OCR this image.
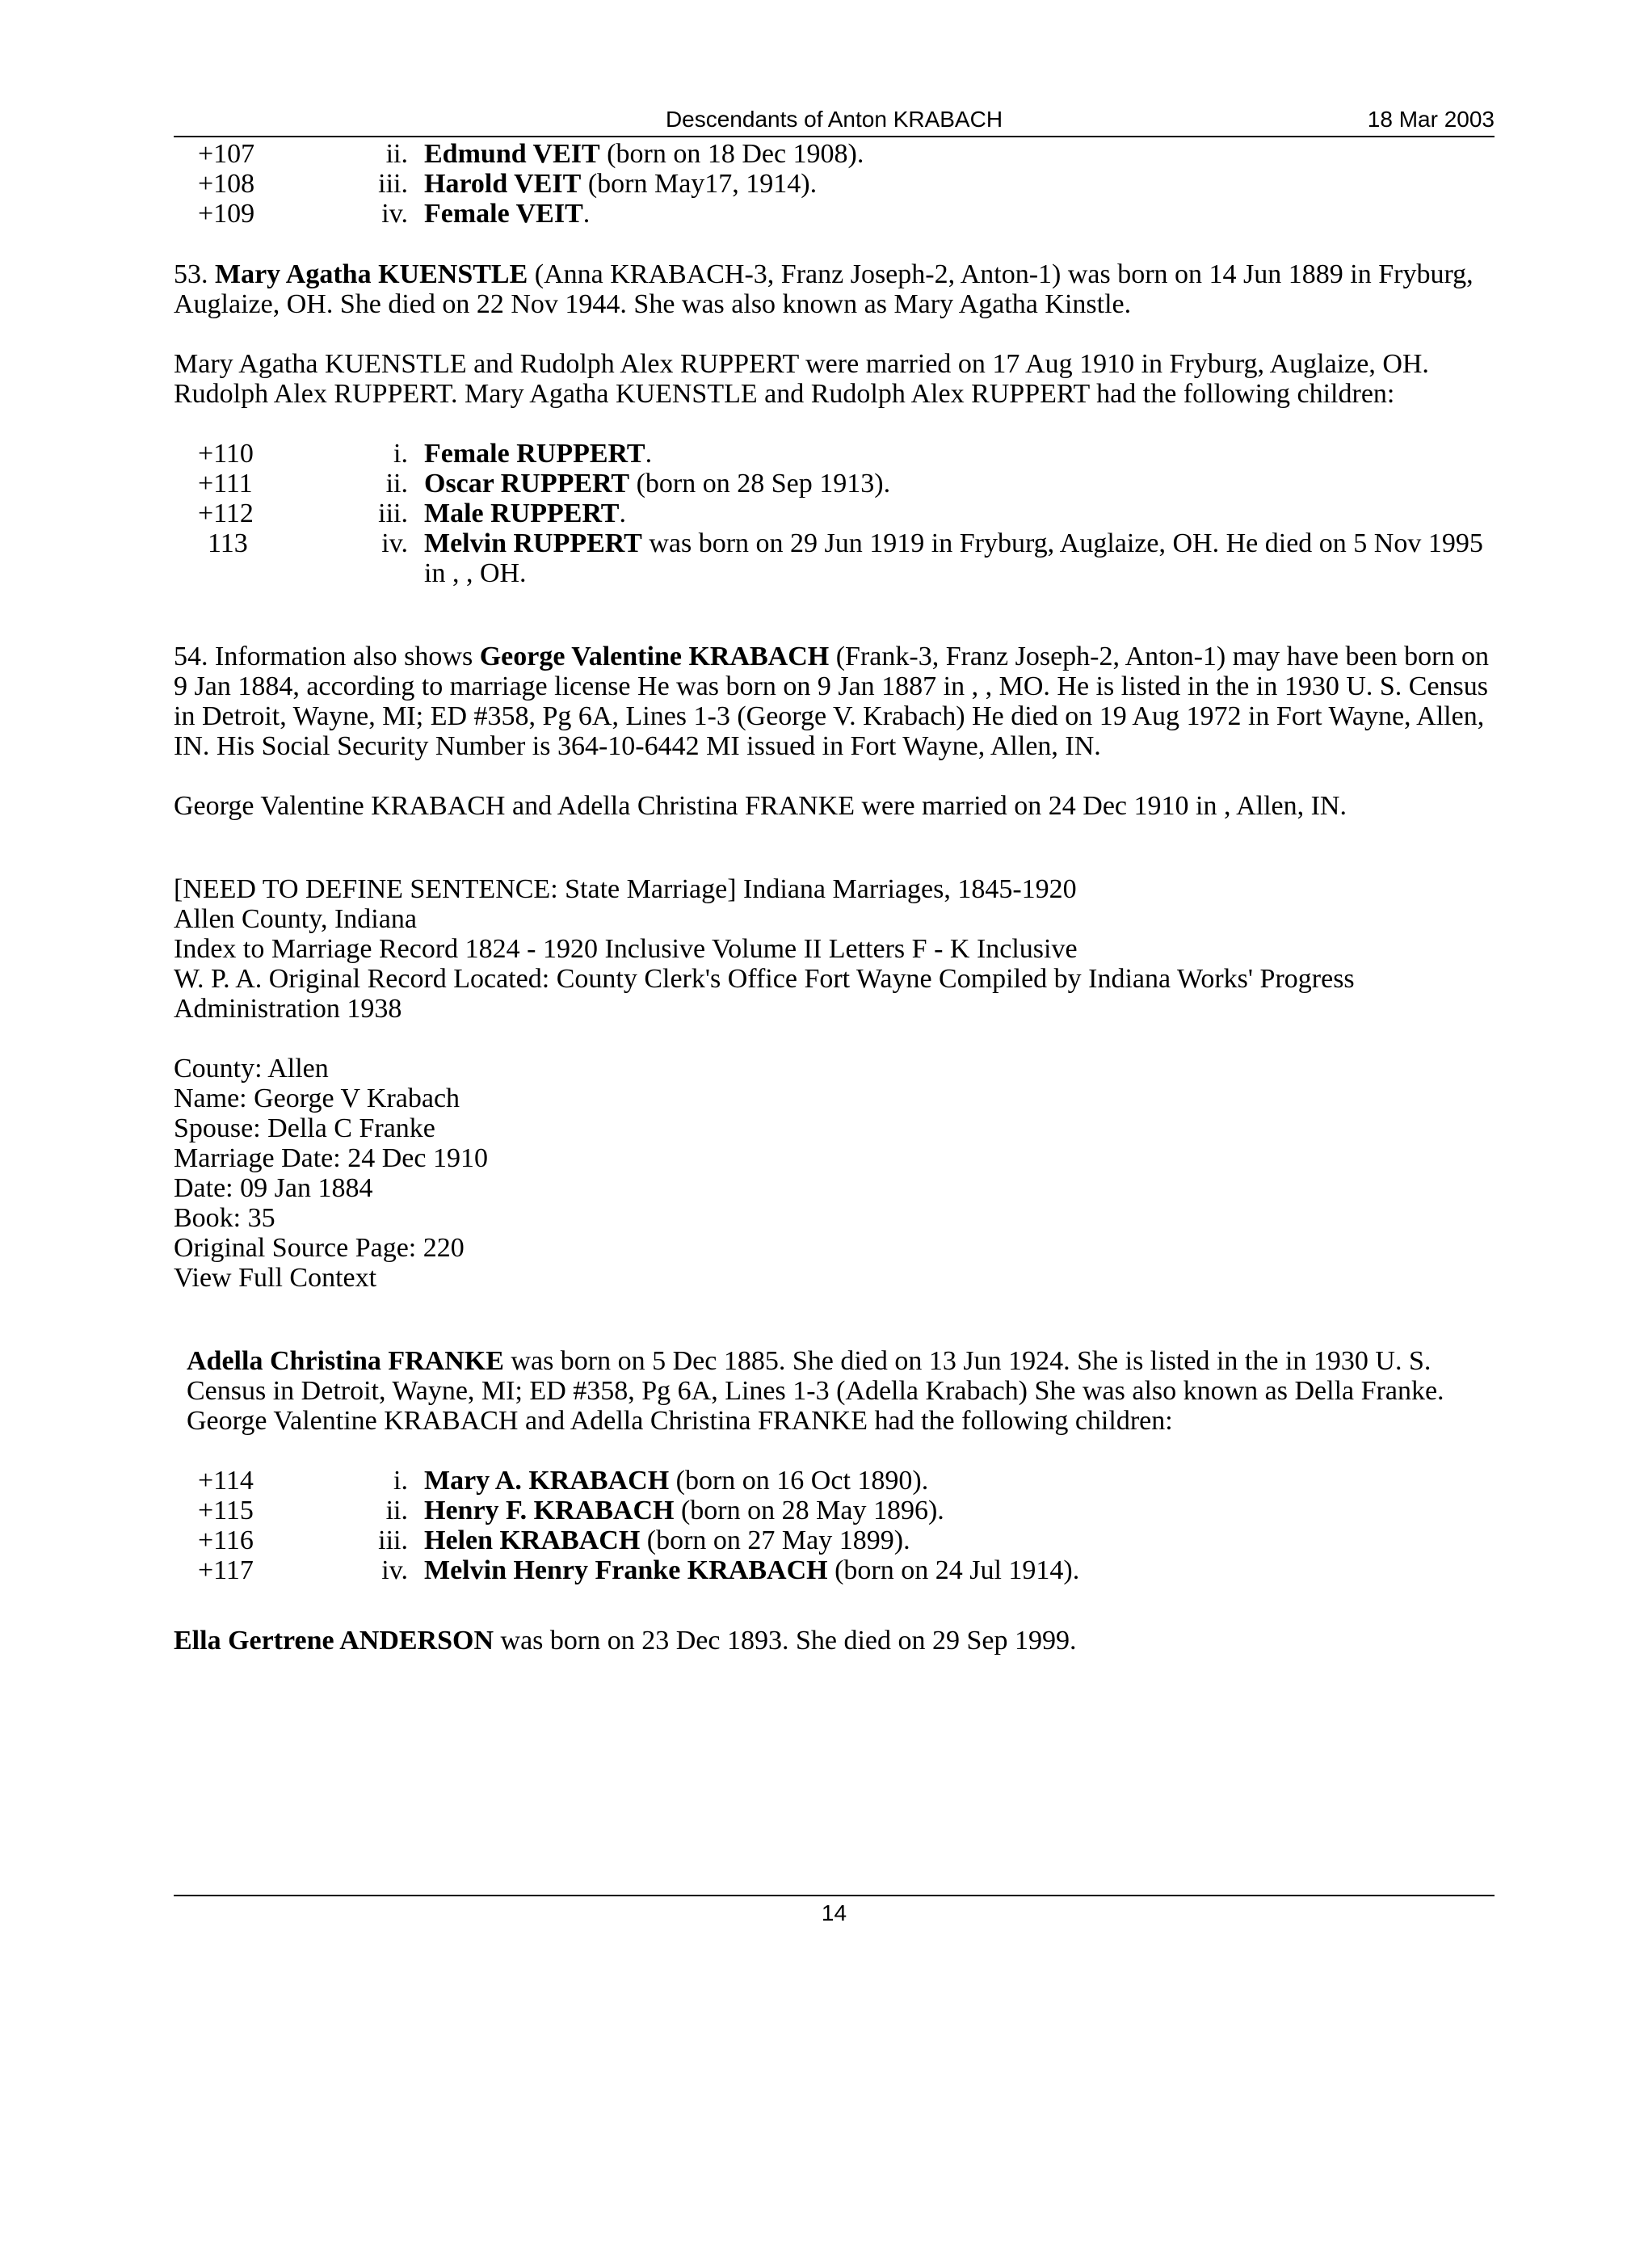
Descendants of Anton KRABACH	18 Mar 2003
+107	ii. Edmund VEIT (born on 18 Dec 1908).
+108	iii. Harold VEIT (born May17, 1914).
+109	iv. Female VEIT.

53. Mary Agatha KUENSTLE (Anna KRABACH-3, Franz Joseph-2, Anton-1) was born on 14 Jun 1889 in Fryburg, Auglaize, OH. She died on 22 Nov 1944. She was also known as Mary Agatha Kinstle.

Mary Agatha KUENSTLE and Rudolph Alex RUPPERT were married on 17 Aug 1910 in Fryburg, Auglaize, OH. Rudolph Alex RUPPERT. Mary Agatha KUENSTLE and Rudolph Alex RUPPERT had the following children:

+110	i. Female RUPPERT.
+111	ii. Oscar RUPPERT (born on 28 Sep 1913).
+112	iii. Male RUPPERT.
113	iv. Melvin RUPPERT was born on 29 Jun 1919 in Fryburg, Auglaize, OH. He died on 5 Nov 1995 in , , OH.

54. Information also shows George Valentine KRABACH (Frank-3, Franz Joseph-2, Anton-1) may have been born on 9 Jan 1884, according to marriage license He was born on 9 Jan 1887 in , , MO. He is listed in the in 1930 U. S. Census in Detroit, Wayne, MI; ED #358, Pg 6A, Lines 1-3 (George V. Krabach) He died on 19 Aug 1972 in Fort Wayne, Allen, IN. His Social Security Number is 364-10-6442 MI issued in Fort Wayne, Allen, IN.

George Valentine KRABACH and Adella Christina FRANKE were married on 24 Dec 1910 in , Allen, IN.

[NEED TO DEFINE SENTENCE: State Marriage] Indiana Marriages, 1845-1920

Allen County, Indiana

Index to Marriage Record 1824 - 1920 Inclusive Volume II Letters F - K Inclusive

W. P. A. Original Record Located: County Clerk's Office Fort Wayne Compiled by Indiana Works' Progress Administration 1938

County: Allen

Name: George V Krabach

Spouse: Della C Franke

Marriage Date: 24 Dec 1910

Date: 09 Jan 1884

Book: 35

Original Source Page: 220

View Full Context

Adella Christina FRANKE was born on 5 Dec 1885. She died on 13 Jun 1924. She is listed in the in 1930 U. S. Census in Detroit, Wayne, MI; ED #358, Pg 6A, Lines 1-3 (Adella Krabach) She was also known as Della Franke. George Valentine KRABACH and Adella Christina FRANKE had the following children:

+114	i. Mary A. KRABACH (born on 16 Oct 1890).
+115	ii. Henry F. KRABACH (born on 28 May 1896).
+116	iii. Helen KRABACH (born on 27 May 1899).
+117	iv. Melvin Henry Franke KRABACH (born on 24 Jul 1914).

Ella Gertrene ANDERSON was born on 23 Dec 1893. She died on 29 Sep 1999.

14
